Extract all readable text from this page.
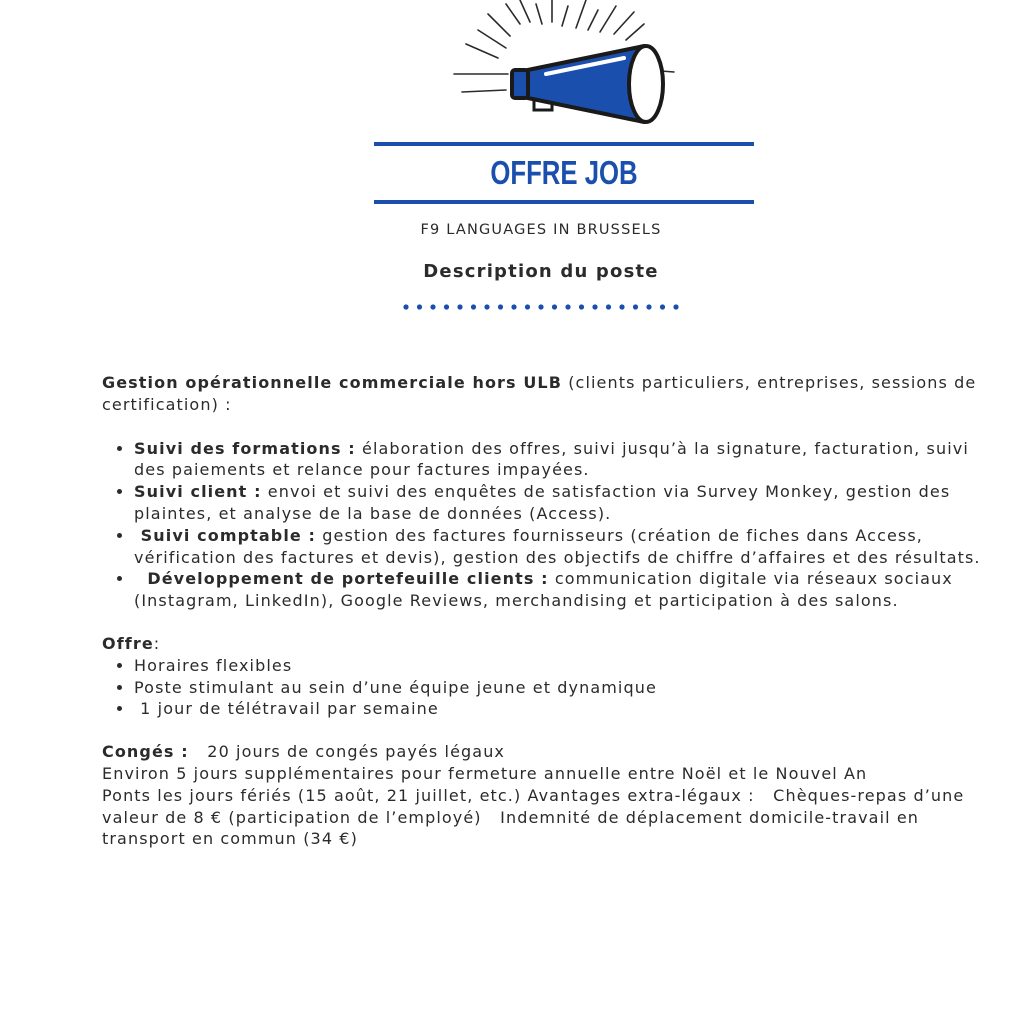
OFFRE JOB
F9 LANGUAGES IN BRUSSELS
Description du poste

Gestion opérationnelle commerciale hors ULB (clients particuliers, entreprises, sessions de certification) :

• Suivi des formations : élaboration des offres, suivi jusqu’à la signature, facturation, suivi des paiements et relance pour factures impayées.
• Suivi client : envoi et suivi des enquêtes de satisfaction via Survey Monkey, gestion des plaintes, et analyse de la base de données (Access).
•  Suivi comptable : gestion des factures fournisseurs (création de fiches dans Access, vérification des factures et devis), gestion des objectifs de chiffre d’affaires et des résultats.
•   Développement de portefeuille clients : communication digitale via réseaux sociaux (Instagram, LinkedIn), Google Reviews, merchandising et participation à des salons.

Offre:

• Horaires flexibles
• Poste stimulant au sein d’une équipe jeune et dynamique
•  1 jour de télétravail par semaine

Congés :   20 jours de congés payés légaux

Environ 5 jours supplémentaires pour fermeture annuelle entre Noël et le Nouvel An

Ponts les jours fériés (15 août, 21 juillet, etc.) Avantages extra-légaux :   Chèques-repas d’une valeur de 8 € (participation de l’employé)   Indemnité de déplacement domicile-travail en transport en commun (34 €)
